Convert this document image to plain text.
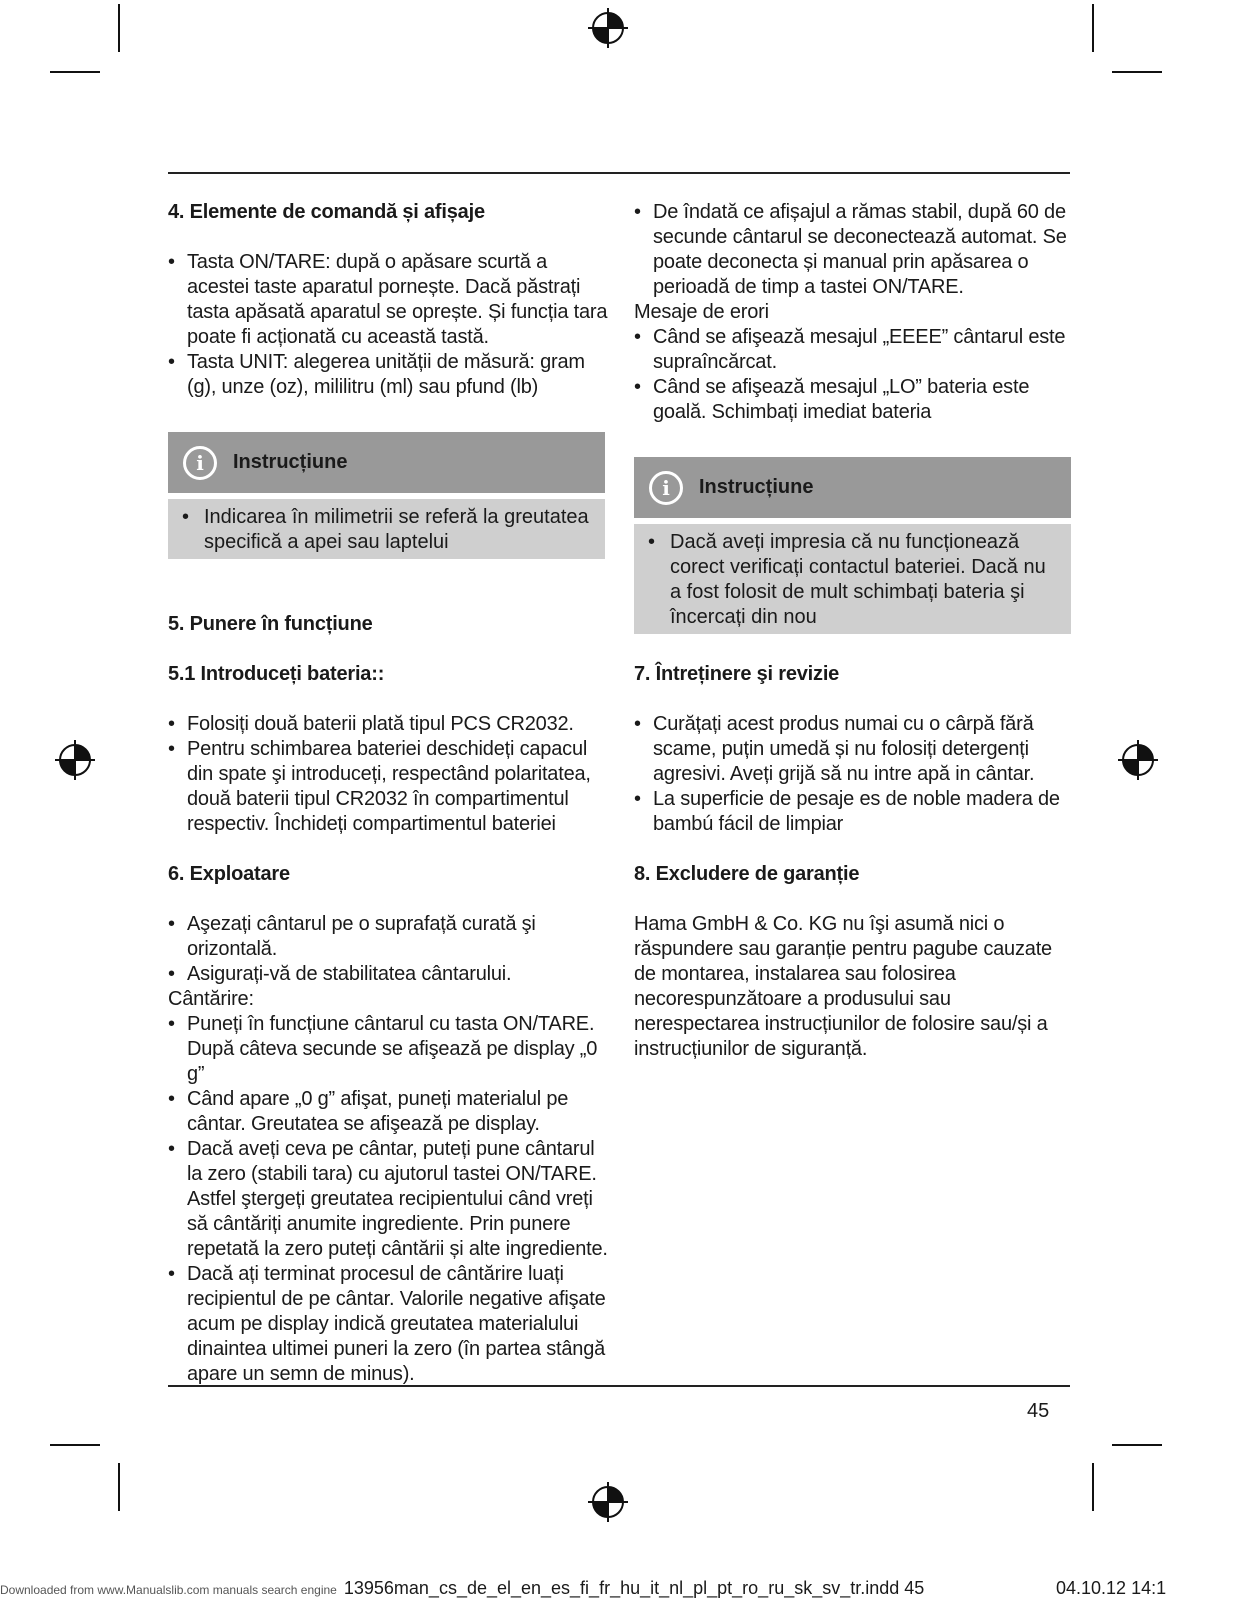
4. Elemente de comandă și afișaje

• Tasta ON/TARE: după o apăsare scurtă a acestei taste aparatul pornește. Dacă păstrați tasta apăsată aparatul se oprește. Și funcția tara poate fi acționată cu această tastă.
• Tasta UNIT: alegerea unității de măsură: gram (g), unze (oz), mililitru (ml) sau pfund (lb)
i Instrucțiune
• Indicarea în milimetrii se referă la greutatea specifică a apei sau laptelui

5. Punere în funcțiune

5.1 Introduceți bateria::

• Folosiți două baterii plată tipul PCS CR2032.
• Pentru schimbarea bateriei deschideți capacul din spate şi introduceți, respectând polaritatea, două baterii tipul CR2032 în compartimentul respectiv. Închideți compartimentul bateriei

6. Exploatare

• Aşezați cântarul pe o suprafață curată şi orizontală.
• Asigurați-vă de stabilitatea cântarului.

Cântărire:

• Puneți în funcțiune cântarul cu tasta ON/TARE. După câteva secunde se afişează pe display „0 g”
• Când apare „0 g” afişat, puneți materialul pe cântar. Greutatea se afişează pe display.
• Dacă aveți ceva pe cântar, puteți pune cântarul la zero (stabili tara) cu ajutorul tastei ON/TARE. Astfel ştergeți greutatea recipientului când vreți să cântăriți anumite ingrediente. Prin punere repetată la zero puteți cântării și alte ingrediente.
• Dacă ați terminat procesul de cântărire luați recipientul de pe cântar. Valorile negative afişate acum pe display indică greutatea materialului dinaintea ultimei puneri la zero (în partea stângă apare un semn de minus).
• De îndată ce afișajul a rămas stabil, după 60 de secunde cântarul se deconectează automat. Se poate deconecta și manual prin apăsarea o perioadă de timp a tastei ON/TARE.

Mesaje de erori

• Când se afişează mesajul „EEEE” cântarul este supraîncărcat.
• Când se afişează mesajul „LO” bateria este goală. Schimbați imediat bateria
i Instrucțiune
• Dacă aveți impresia că nu funcționează corect verificați contactul bateriei. Dacă nu a fost folosit de mult schimbați bateria şi încercați din nou

7. Întreținere şi revizie

• Curățați acest produs numai cu o cârpă fără scame, puțin umedă și nu folosiți detergenți agresivi. Aveți grijă să nu intre apă in cântar.
• La superficie de pesaje es de noble madera de bambú fácil de limpiar

8. Excludere de garanție

Hama GmbH & Co. KG nu îşi asumă nici o răspundere sau garanție pentru pagube cauzate de montarea, instalarea sau folosirea necorespunzătoare a produsului sau nerespectarea instrucțiunilor de folosire sau/și a instrucțiunilor de siguranță.

45
Downloaded from www.Manualslib.com manuals search engine 13956man_cs_de_el_en_es_fi_fr_hu_it_nl_pl_pt_ro_ru_sk_sv_tr.indd 45	04.10.12 14:1
